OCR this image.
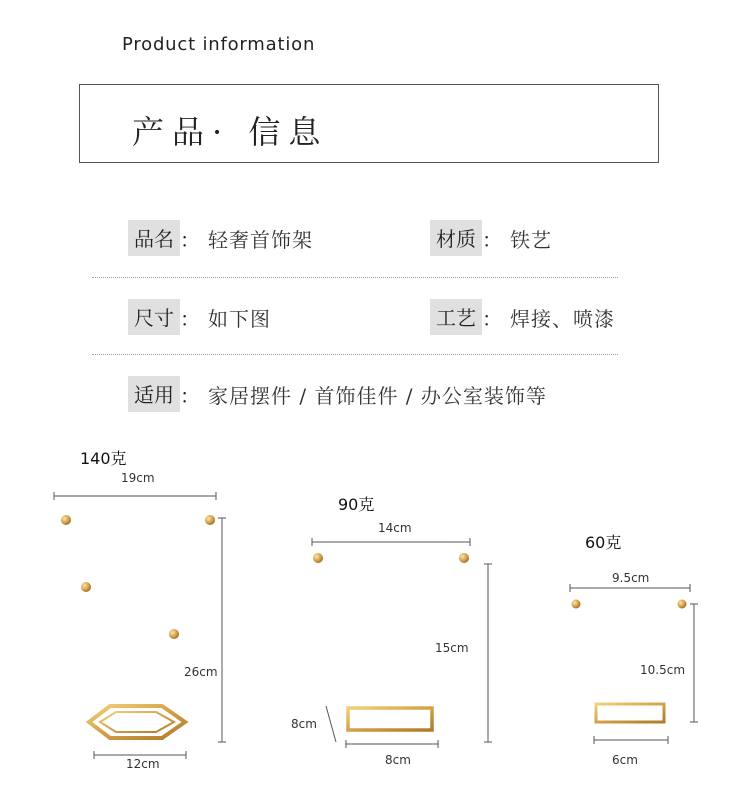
Product information
产品· 信息
品名 ： 轻奢首饰架	材质 ： 铁艺
尺寸 ： 如下图	工艺 ： 焊接、喷漆
适用 ： 家居摆件 / 首饰佳件 / 办公室装饰等
140克
19cm
26cm
12cm
90克
14cm
15cm
8cm
8cm
60克
9.5cm
10.5cm
6cm
